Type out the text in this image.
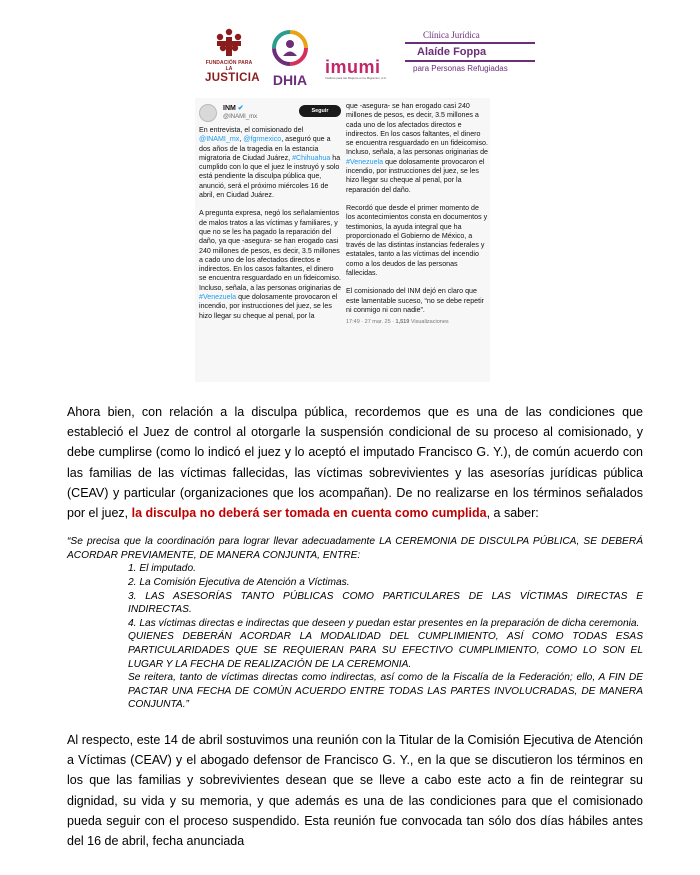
FUNDACIÓN PARA LA
JUSTICIA DHIA
imumi
Instituto para las Mujeres en la Migración, A.C.
Clínica Jurídica
Alaíde Foppa
para Personas Refugiadas
INM ✔
@INAMI_mx
Seguir
En entrevista, el comisionado del @INAMI_mx, @fgrmexico, aseguró que a dos años de la tragedia en la estancia migratoria de Ciudad Juárez, #Chihuahua ha cumplido con lo que el juez le instruyó y solo está pendiente la disculpa pública que, anunció, será el próximo miércoles 16 de abril, en Ciudad Juárez.
A pregunta expresa, negó los señalamientos de malos tratos a las víctimas y familiares, y que no se les ha pagado la reparación del daño, ya que -asegura- se han erogado casi 240 millones de pesos, es decir, 3.5 millones a cado uno de los afectados directos e indirectos. En los casos faltantes, el dinero se encuentra resguardado en un fideicomiso. Incluso, señala, a las personas originarias de #Venezuela que dolosamente provocaron el incendio, por instrucciones del juez, se les hizo llegar su cheque al penal, por la
que -asegura- se han erogado casi 240 millones de pesos, es decir, 3.5 millones a cada uno de los afectados directos e indirectos. En los casos faltantes, el dinero se encuentra resguardado en un fideicomiso. Incluso, señala, a las personas originarias de #Venezuela que dolosamente provocaron el incendio, por instrucciones del juez, se les hizo llegar su cheque al penal, por la reparación del daño.
Recordó que desde el primer momento de los acontecimientos consta en documentos y testimonios, la ayuda integral que ha proporcionado el Gobierno de México, a través de las distintas instancias federales y estatales, tanto a las víctimas del incendio como a los deudos de las personas fallecidas.
El comisionado del INM dejó en claro que este lamentable suceso, “no se debe repetir ni conmigo ni con nadie”.
17:49 · 27 mar. 25 · 1,519 Visualizaciones

Ahora bien, con relación a la disculpa pública, recordemos que es una de las condiciones que estableció el Juez de control al otorgarle la suspensión condicional de su proceso al comisionado, y debe cumplirse (como lo indicó el juez y lo aceptó el imputado Francisco G. Y.), de común acuerdo con las familias de las víctimas fallecidas, las víctimas sobrevivientes y las asesorías jurídicas pública (CEAV) y particular (organizaciones que los acompañan). De no realizarse en los términos señalados por el juez, la disculpa no deberá ser tomada en cuenta como cumplida, a saber:

“Se precisa que la coordinación para lograr llevar adecuadamente LA CEREMONIA DE DISCULPA PÚBLICA, SE DEBERÁ ACORDAR PREVIAMENTE, DE MANERA CONJUNTA, ENTRE:

1. El imputado.

2. La Comisión Ejecutiva de Atención a Víctimas.

3. LAS ASESORÍAS TANTO PÚBLICAS COMO PARTICULARES DE LAS VÍCTIMAS DIRECTAS E INDIRECTAS.

4. Las víctimas directas e indirectas que deseen y puedan estar presentes en la preparación de dicha ceremonia.

QUIENES DEBERÁN ACORDAR LA MODALIDAD DEL CUMPLIMIENTO, ASÍ COMO TODAS ESAS PARTICULARIDADES QUE SE REQUIERAN PARA SU EFECTIVO CUMPLIMIENTO, COMO LO SON EL LUGAR Y LA FECHA DE REALIZACIÓN DE LA CEREMONIA.

Se reitera, tanto de víctimas directas como indirectas, así como de la Fiscalía de la Federación; ello, A FIN DE PACTAR UNA FECHA DE COMÚN ACUERDO ENTRE TODAS LAS PARTES INVOLUCRADAS, DE MANERA CONJUNTA.”

Al respecto, este 14 de abril sostuvimos una reunión con la Titular de la Comisión Ejecutiva de Atención a Víctimas (CEAV) y el abogado defensor de Francisco G. Y., en la que se discutieron los términos en los que las familias y sobrevivientes desean que se lleve a cabo este acto a fin de reintegrar su dignidad, su vida y su memoria, y que además es una de las condiciones para que el comisionado pueda seguir con el proceso suspendido. Esta reunión fue convocada tan sólo dos días hábiles antes del 16 de abril, fecha anunciada
